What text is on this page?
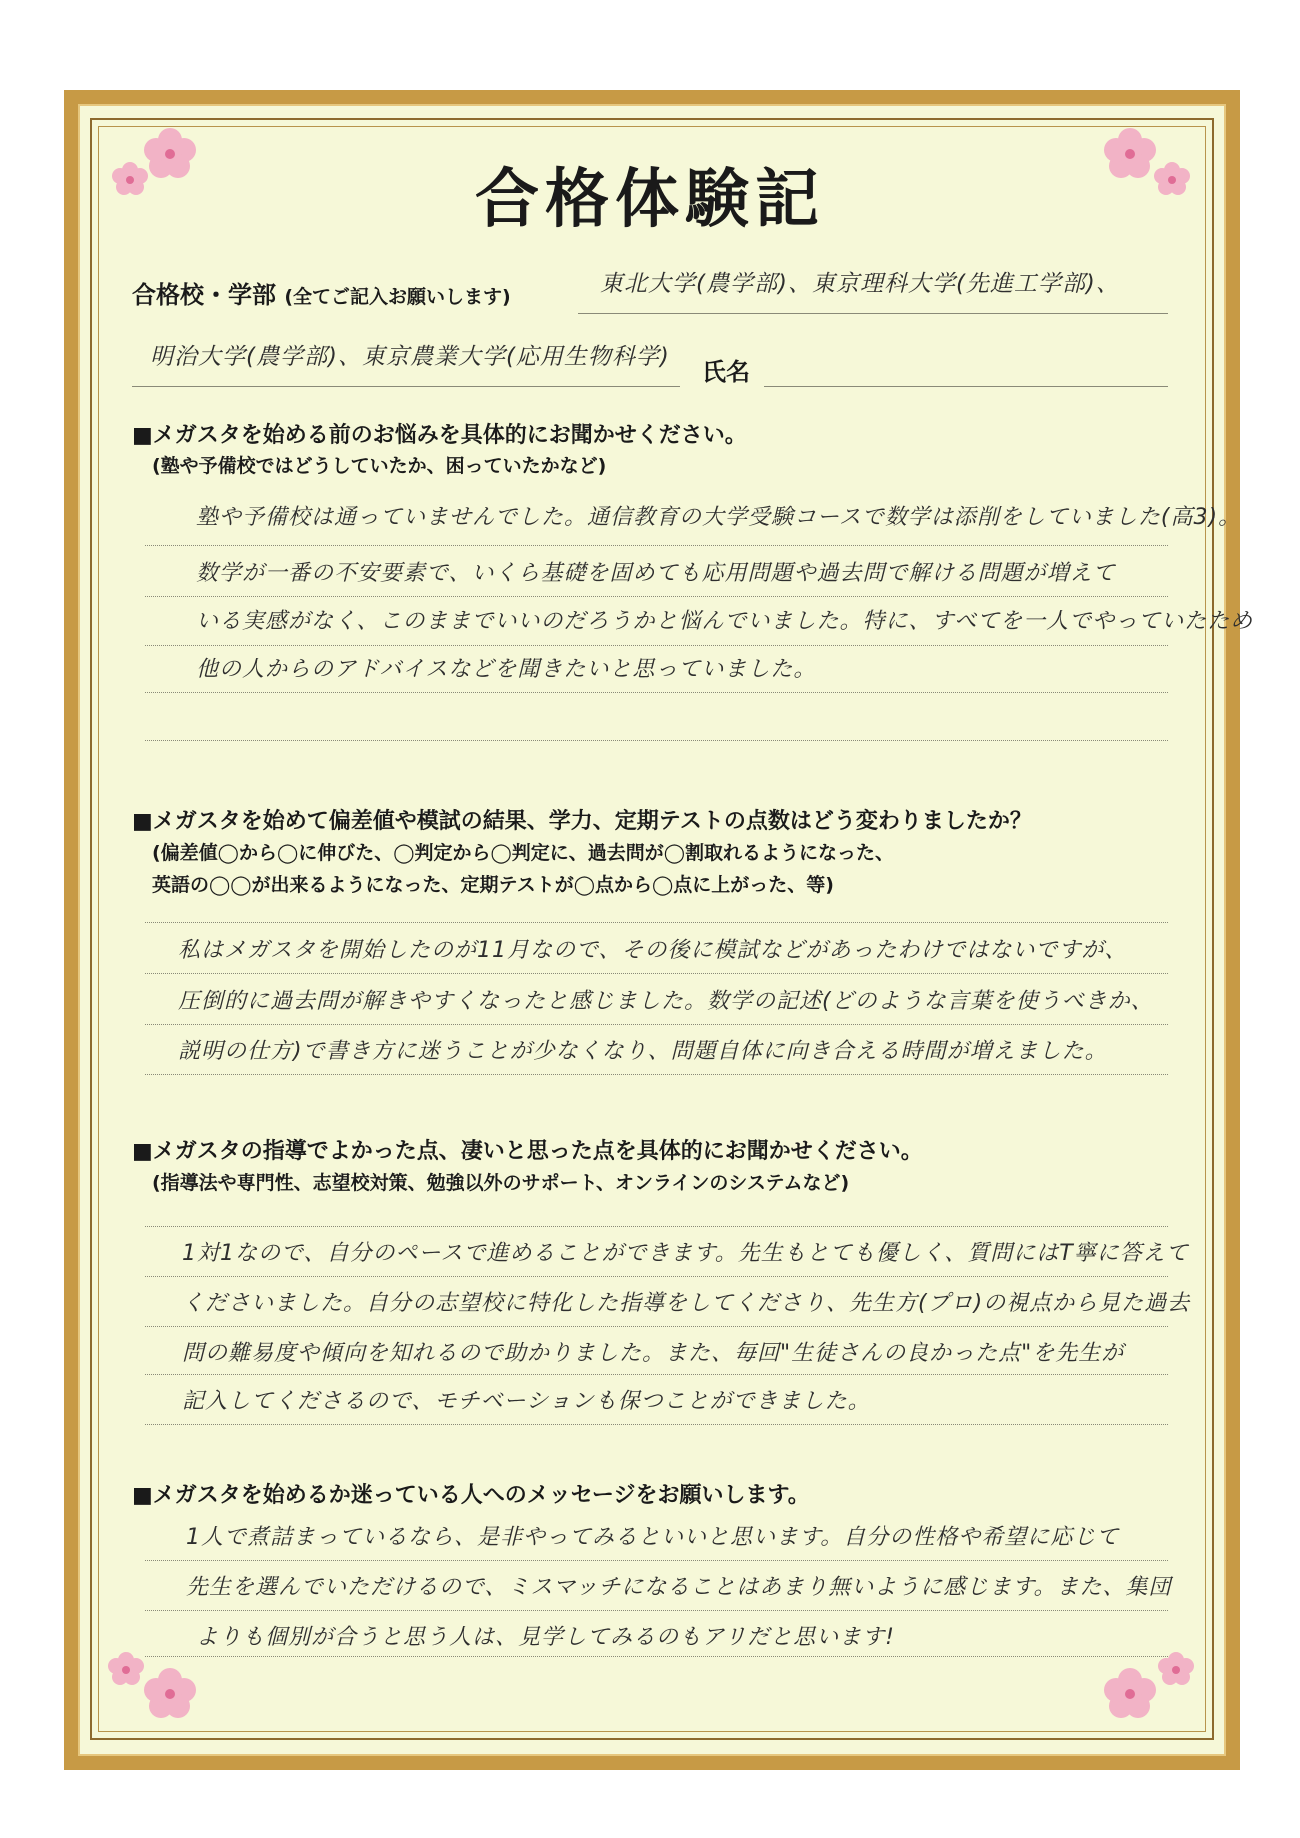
合格体験記
合格校・学部 (全てご記入お願いします)	東北大学(農学部)、東京理科大学(先進工学部)、
明治大学(農学部)、東京農業大学(応用生物科学)
氏名
■メガスタを始める前のお悩みを具体的にお聞かせください。
(塾や予備校ではどうしていたか、困っていたかなど)
塾や予備校は通っていませんでした。通信教育の大学受験コースで数学は添削をしていました(高3)。
数学が一番の不安要素で、いくら基礎を固めても応用問題や過去問で解ける問題が増えて
いる実感がなく、このままでいいのだろうかと悩んでいました。特に、すべてを一人でやっていたため
他の人からのアドバイスなどを聞きたいと思っていました。
■メガスタを始めて偏差値や模試の結果、学力、定期テストの点数はどう変わりましたか？
(偏差値◯から◯に伸びた、◯判定から◯判定に、過去問が◯割取れるようになった、
英語の◯◯が出来るようになった、定期テストが◯点から◯点に上がった、等)
私はメガスタを開始したのが11月なので、その後に模試などがあったわけではないですが、
圧倒的に過去問が解きやすくなったと感じました。数学の記述(どのような言葉を使うべきか、
説明の仕方)で書き方に迷うことが少なくなり、問題自体に向き合える時間が増えました。
■メガスタの指導でよかった点、凄いと思った点を具体的にお聞かせください。
(指導法や専門性、志望校対策、勉強以外のサポート、オンラインのシステムなど)
1対1なので、自分のペースで進めることができます。先生もとても優しく、質問にはT寧に答えて
くださいました。自分の志望校に特化した指導をしてくださり、先生方(プロ)の視点から見た過去
問の難易度や傾向を知れるので助かりました。また、毎回"生徒さんの良かった点"を先生が
記入してくださるので、モチベーションも保つことができました。
■メガスタを始めるか迷っている人へのメッセージをお願いします。
1人で煮詰まっているなら、是非やってみるといいと思います。自分の性格や希望に応じて
先生を選んでいただけるので、ミスマッチになることはあまり無いように感じます。また、集団
よりも個別が合うと思う人は、見学してみるのもアリだと思います!
